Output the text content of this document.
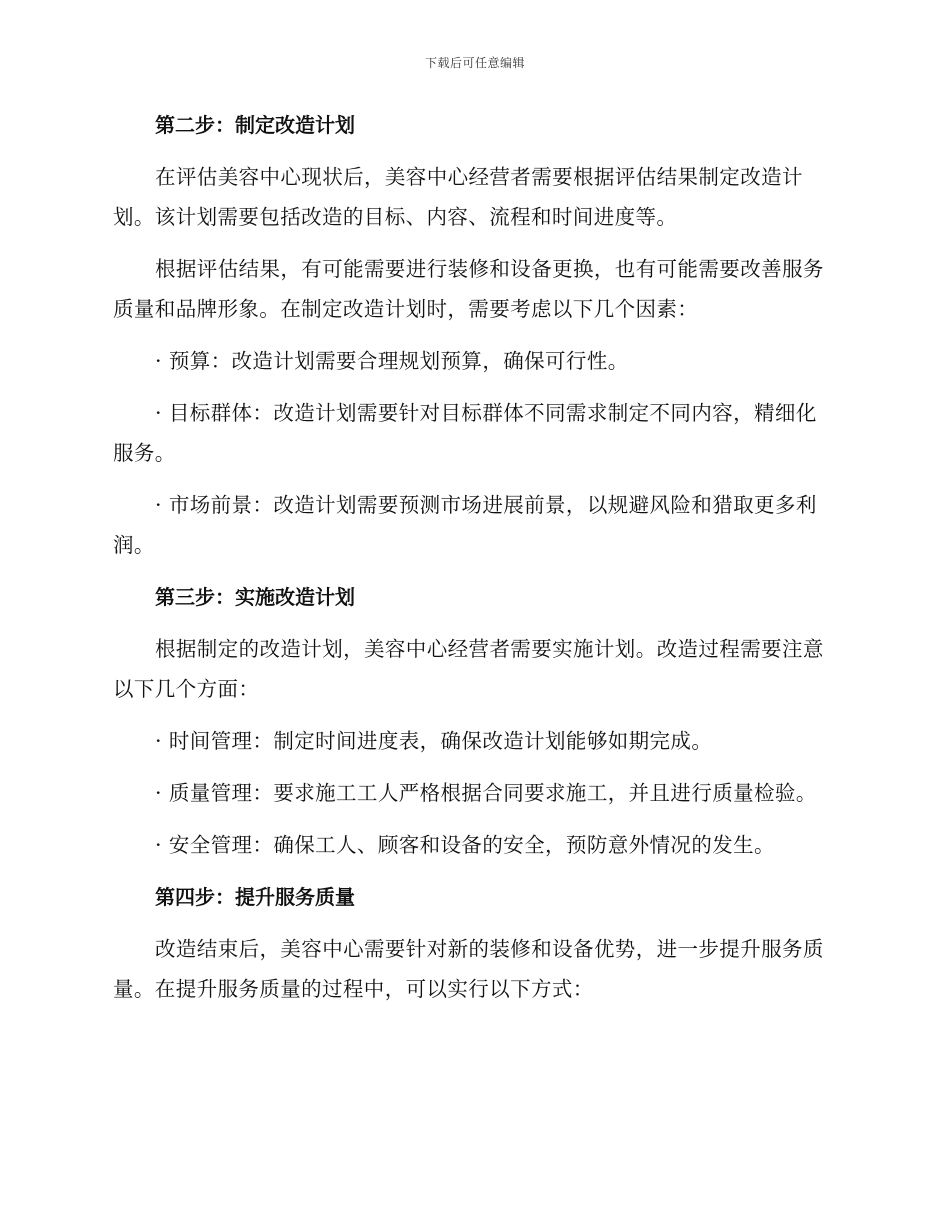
下载后可任意编辑
第二步：制定改造计划
在评估美容中心现状后，美容中心经营者需要根据评估结果制定改造计划。该计划需要包括改造的目标、内容、流程和时间进度等。
根据评估结果，有可能需要进行装修和设备更换，也有可能需要改善服务质量和品牌形象。在制定改造计划时，需要考虑以下几个因素：
· 预算：改造计划需要合理规划预算，确保可行性。
· 目标群体：改造计划需要针对目标群体不同需求制定不同内容，精细化服务。
· 市场前景：改造计划需要预测市场进展前景，以规避风险和猎取更多利润。
第三步：实施改造计划
根据制定的改造计划，美容中心经营者需要实施计划。改造过程需要注意以下几个方面：
· 时间管理：制定时间进度表，确保改造计划能够如期完成。
· 质量管理：要求施工工人严格根据合同要求施工，并且进行质量检验。
· 安全管理：确保工人、顾客和设备的安全，预防意外情况的发生。
第四步：提升服务质量
改造结束后，美容中心需要针对新的装修和设备优势，进一步提升服务质量。在提升服务质量的过程中，可以实行以下方式：
